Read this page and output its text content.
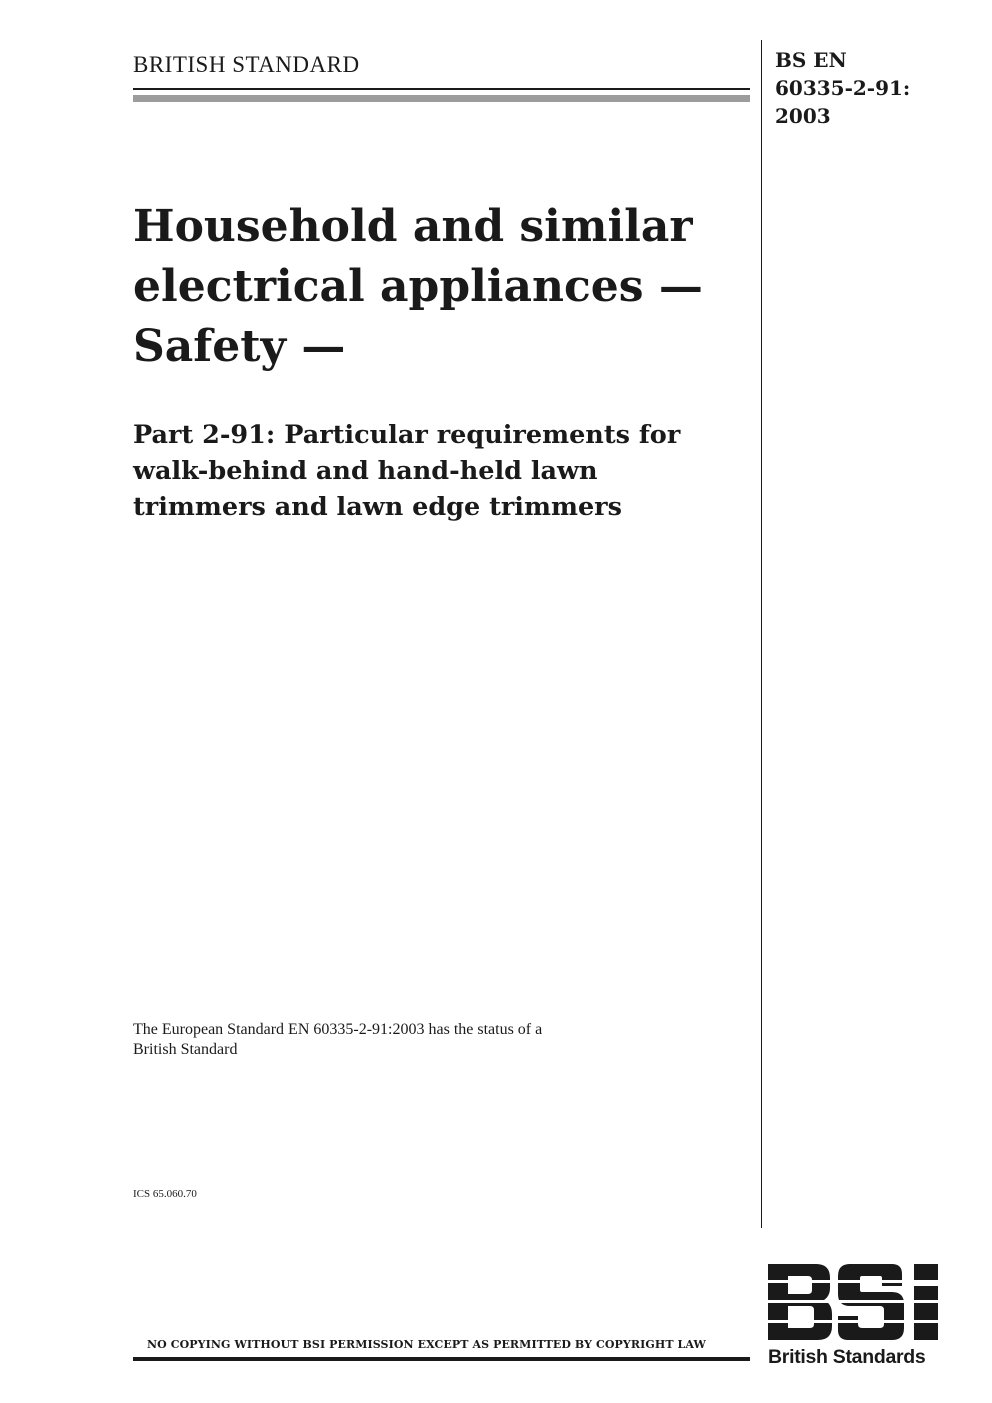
BRITISH STANDARD	BS EN
60335-2-91:
2003
Household and similar
electrical appliances —
Safety —
Part 2-91: Particular requirements for
walk-behind and hand-held lawn
trimmers and lawn edge trimmers
The European Standard EN 60335-2-91:2003 has the status of a
British Standard
ICS 65.060.70
NO COPYING WITHOUT BSI PERMISSION EXCEPT AS PERMITTED BY COPYRIGHT LAW
British Standards
